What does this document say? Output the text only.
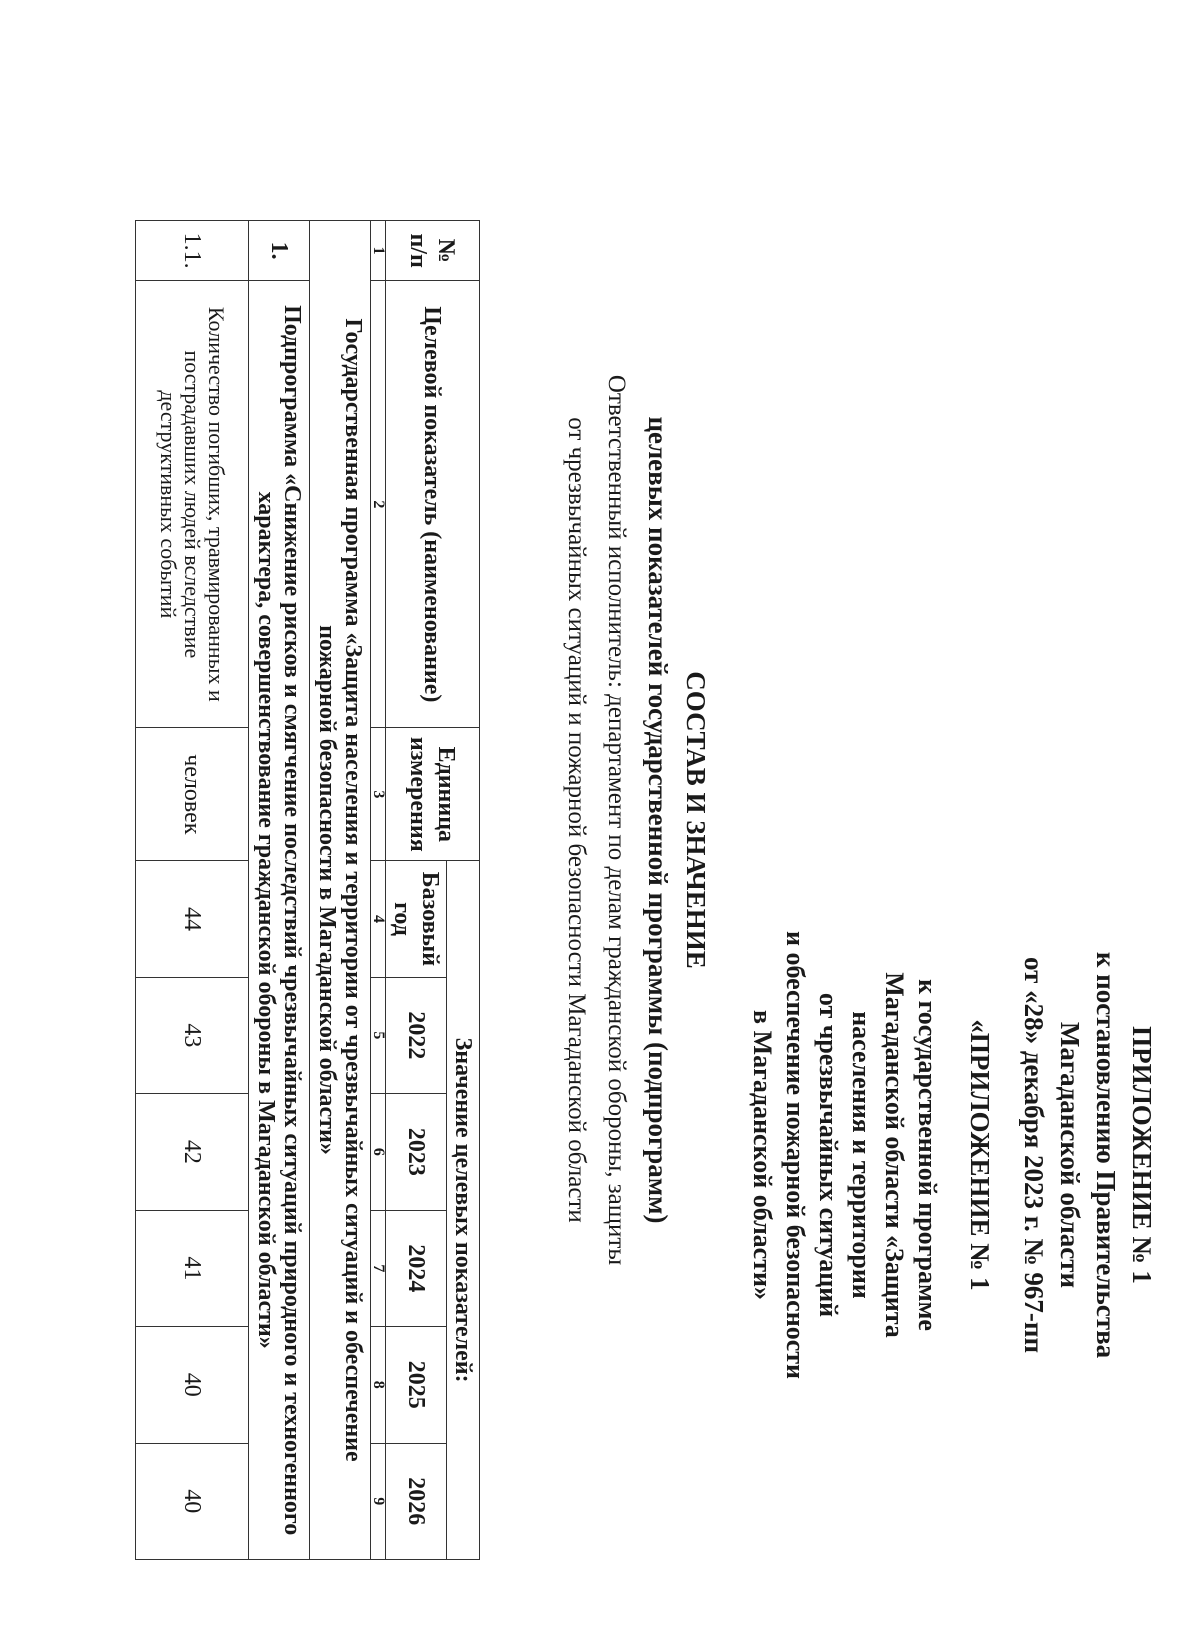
ПРИЛОЖЕНИЕ № 1
к постановлению Правительства
Магаданской области
от «28» декабря 2023 г. № 967-пп
«ПРИЛОЖЕНИЕ № 1
к государственной программе
Магаданской области «Защита
населения и территории
от чрезвычайных ситуаций
и обеспечение пожарной безопасности
в Магаданской области»
СОСТАВ И ЗНАЧЕНИЕ
целевых показателей государственной программы (подпрограмм)
Ответственный исполнитель: департамент по делам гражданской обороны, защиты
от чрезвычайных ситуаций и пожарной безопасности Магаданской области
№ п/п	Целевой показатель (наименование)	Единица измерения	Значение целевых показателей:					
			Базовый год	2022	2023	2024	2025	2026
1	2	3	4	5	6	7	8	9
Государственная программа «Защита населения и территории от чрезвычайных ситуаций и обеспечение пожарной безопасности в Магаданской области»								
1.	Подпрограмма «Снижение рисков и смягчение последствий чрезвычайных ситуаций природного и техногенного характера, совершенствование гражданской обороны в Магаданской области»							
1.1.	Количество погибших, травмированных и пострадавших людей вследствие деструктивных событий	человек	44	43	42	41	40	40
